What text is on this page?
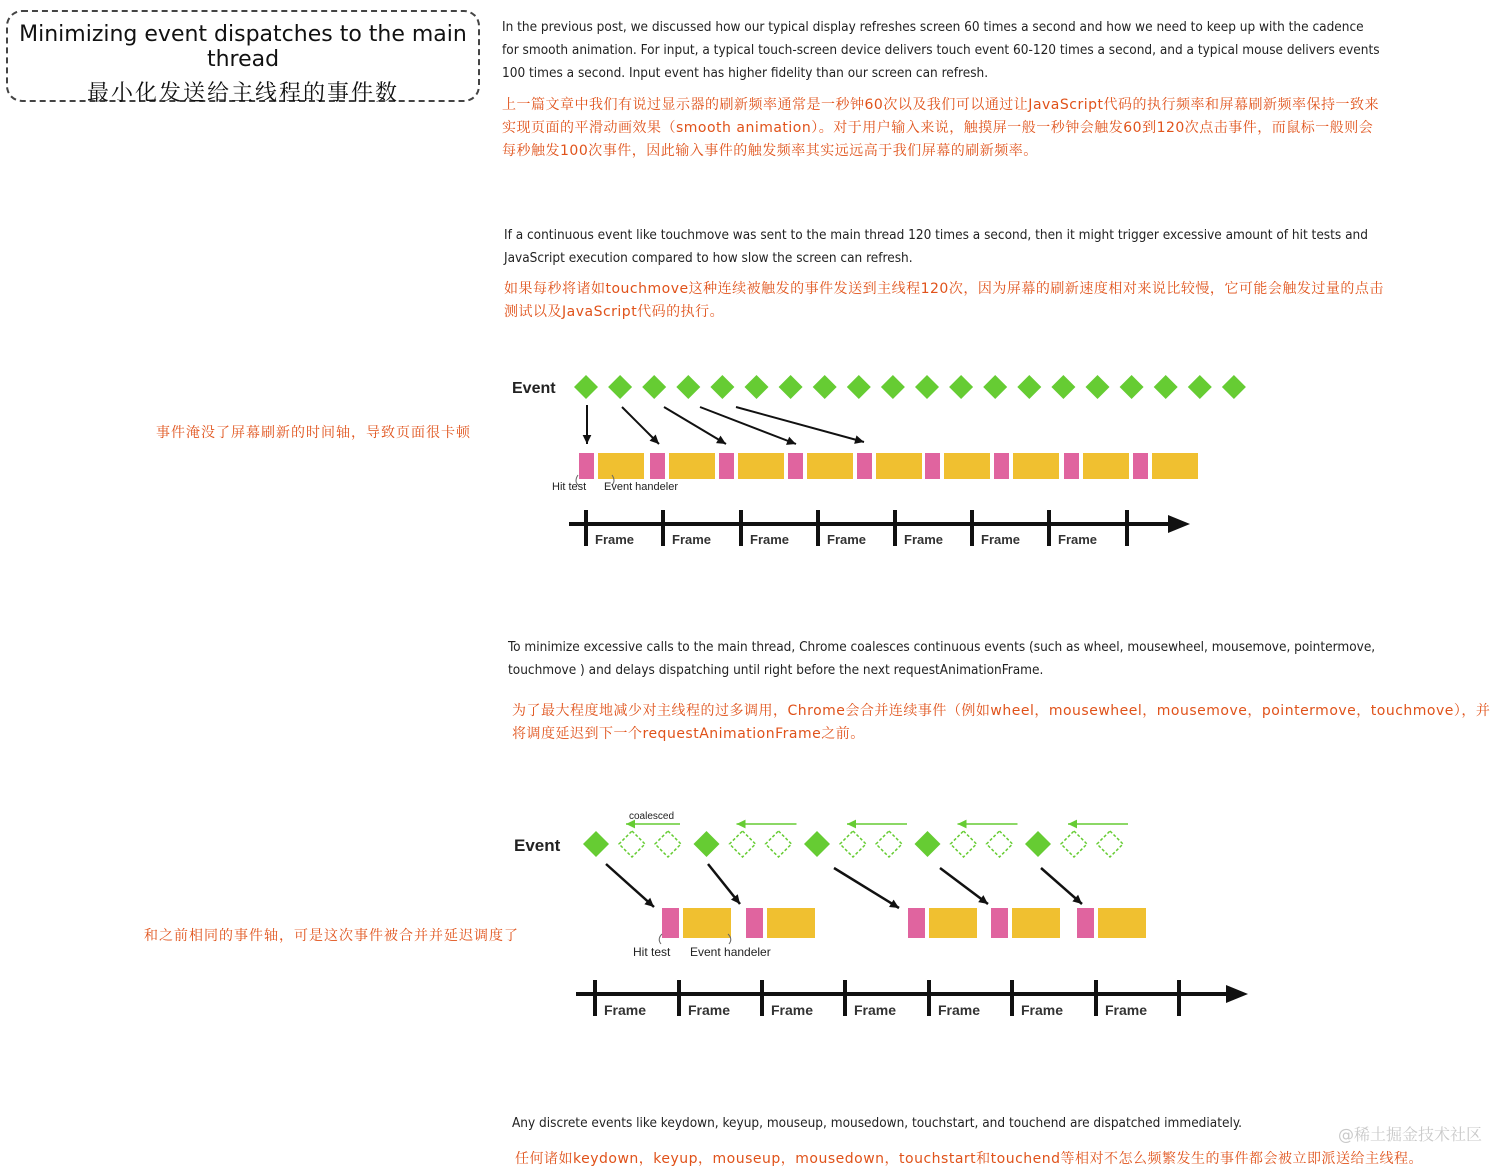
Minimizing event dispatches to the main thread
最小化发送给主线程的事件数
In the previous post, we discussed how our typical display refreshes screen 60 times a second and how we need to keep up with the cadence for smooth animation. For input, a typical touch-screen device delivers touch event 60-120 times a second, and a typical mouse delivers events 100 times a second. Input event has higher fidelity than our screen can refresh.
上一篇文章中我们有说过显示器的刷新频率通常是一秒钟60次以及我们可以通过让JavaScript代码的执行频率和屏幕刷新频率保持一致来实现页面的平滑动画效果（smooth animation）。对于用户输入来说，触摸屏一般一秒钟会触发60到120次点击事件，而鼠标一般则会每秒触发100次事件，因此输入事件的触发频率其实远远高于我们屏幕的刷新频率。
If a continuous event like touchmove was sent to the main thread 120 times a second, then it might trigger excessive amount of hit tests and JavaScript execution compared to how slow the screen can refresh.
如果每秒将诸如touchmove这种连续被触发的事件发送到主线程120次，因为屏幕的刷新速度相对来说比较慢，它可能会触发过量的点击测试以及JavaScript代码的执行。
事件淹没了屏幕刷新的时间轴，导致页面很卡顿
Event
Hit test Event handeler
Frame	Frame	Frame	Frame	Frame	Frame	Frame
To minimize excessive calls to the main thread, Chrome coalesces continuous events (such as wheel, mousewheel, mousemove, pointermove, touchmove ) and delays dispatching until right before the next requestAnimationFrame.
为了最大程度地减少对主线程的过多调用，Chrome会合并连续事件（例如wheel，mousewheel，mousemove，pointermove，touchmove），并将调度延迟到下一个requestAnimationFrame之前。
和之前相同的事件轴，可是这次事件被合并并延迟调度了
coalesced
Event
Hit test Event handeler
Frame	Frame	Frame	Frame	Frame	Frame	Frame
Any discrete events like keydown, keyup, mouseup, mousedown, touchstart, and touchend are dispatched immediately.
任何诸如keydown，keyup，mouseup，mousedown，touchstart和touchend等相对不怎么频繁发生的事件都会被立即派送给主线程。
@稀土掘金技术社区
